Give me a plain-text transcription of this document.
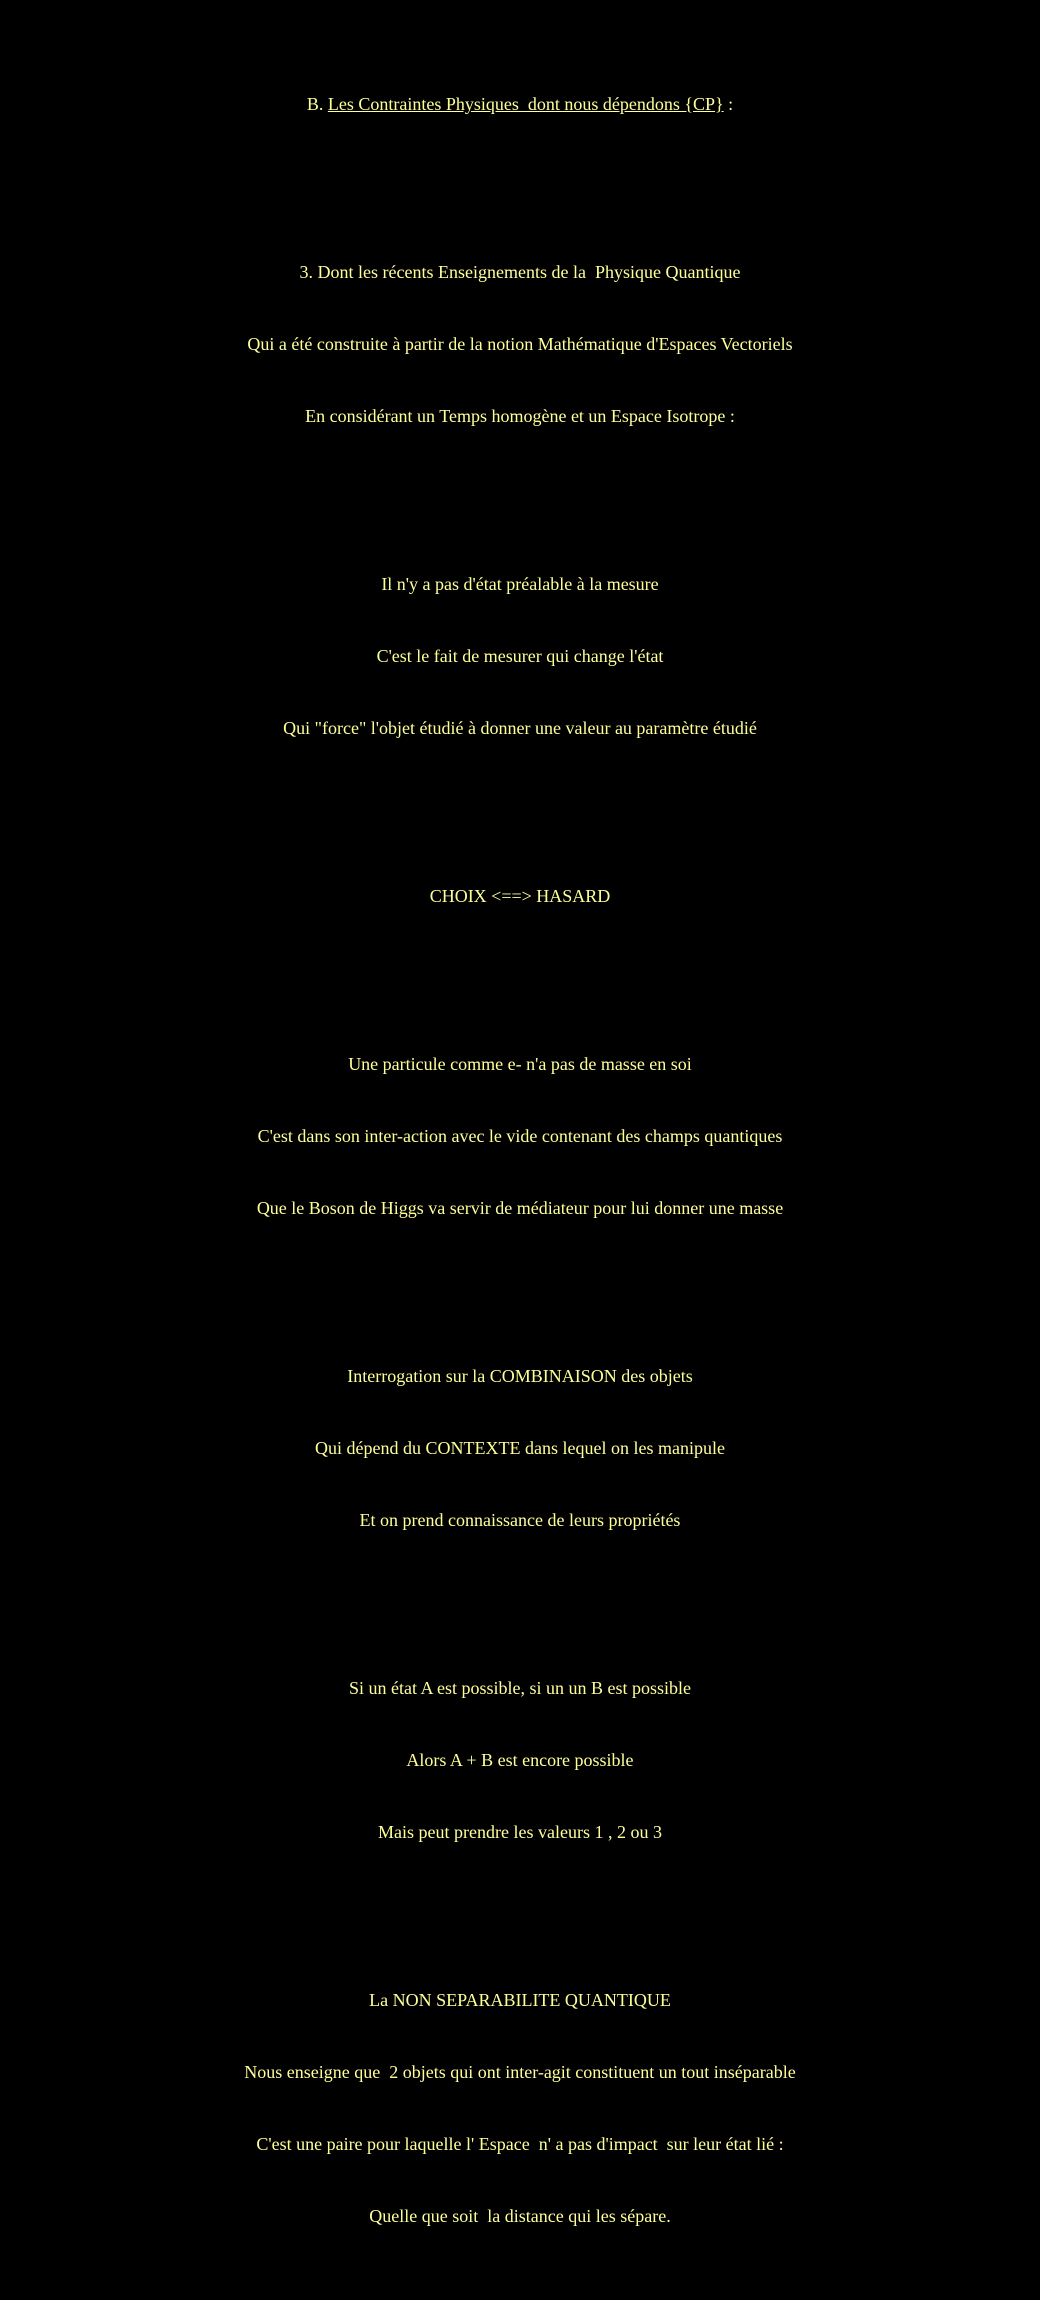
B. Les Contraintes Physiques  dont nous dépendons {CP} :

3. Dont les récents Enseignements de la  Physique Quantique

Qui a été construite à partir de la notion Mathématique d'Espaces Vectoriels

En considérant un Temps homogène et un Espace Isotrope :

Il n'y a pas d'état préalable à la mesure

C'est le fait de mesurer qui change l'état

Qui "force" l'objet étudié à donner une valeur au paramètre étudié

CHOIX <==> HASARD

Une particule comme e- n'a pas de masse en soi

C'est dans son inter-action avec le vide contenant des champs quantiques

Que le Boson de Higgs va servir de médiateur pour lui donner une masse

Interrogation sur la COMBINAISON des objets

Qui dépend du CONTEXTE dans lequel on les manipule

Et on prend connaissance de leurs propriétés

Si un état A est possible, si un un B est possible

Alors A + B est encore possible

Mais peut prendre les valeurs 1 , 2 ou 3

La NON SEPARABILITE QUANTIQUE

Nous enseigne que  2 objets qui ont inter-agit constituent un tout inséparable

C'est une paire pour laquelle l' Espace  n' a pas d'impact  sur leur état lié :

Quelle que soit  la distance qui les sépare.
